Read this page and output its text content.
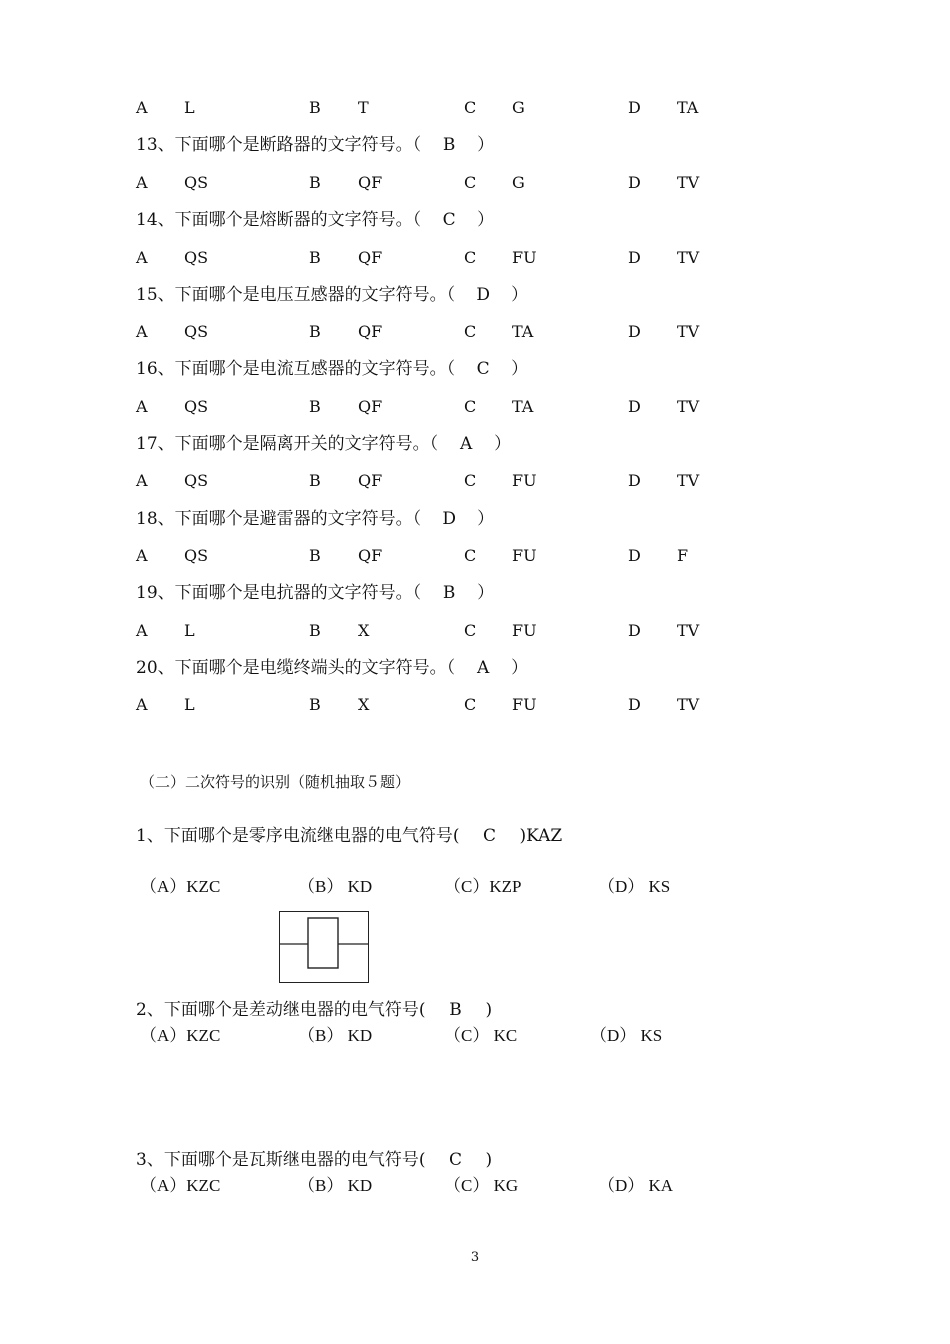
A L	B T	C G	D TA
13、下面哪个是断路器的文字符号。（ B ）
A QS	B QF	C G	D TV
14、下面哪个是熔断器的文字符号。（ C ）
A QS	B QF	C FU	D TV
15、下面哪个是电压互感器的文字符号。（ D ）
A QS	B QF	C TA	D TV
16、下面哪个是电流互感器的文字符号。（ C ）
A QS	B QF	C TA	D TV
17、下面哪个是隔离开关的文字符号。（ A ）
A QS	B QF	C FU	D TV
18、下面哪个是避雷器的文字符号。（ D ）
A QS	B QF	C FU	D F
19、下面哪个是电抗器的文字符号。（ B ）
A L	B X	C FU	D TV
20、下面哪个是电缆终端头的文字符号。（ A ）
A L	B X	C FU	D TV
（二）二次符号的识别（随机抽取５题）
1、下面哪个是零序电流继电器的电气符号( C )KAZ
（A）KZC	（B） KD	（C）KZP	（D） KS
2、下面哪个是差动继电器的电气符号( B )
（A）KZC	（B） KD	（C） KC	（D） KS
3、下面哪个是瓦斯继电器的电气符号( C )
（A）KZC	（B） KD	（C） KG	（D） KA
3
